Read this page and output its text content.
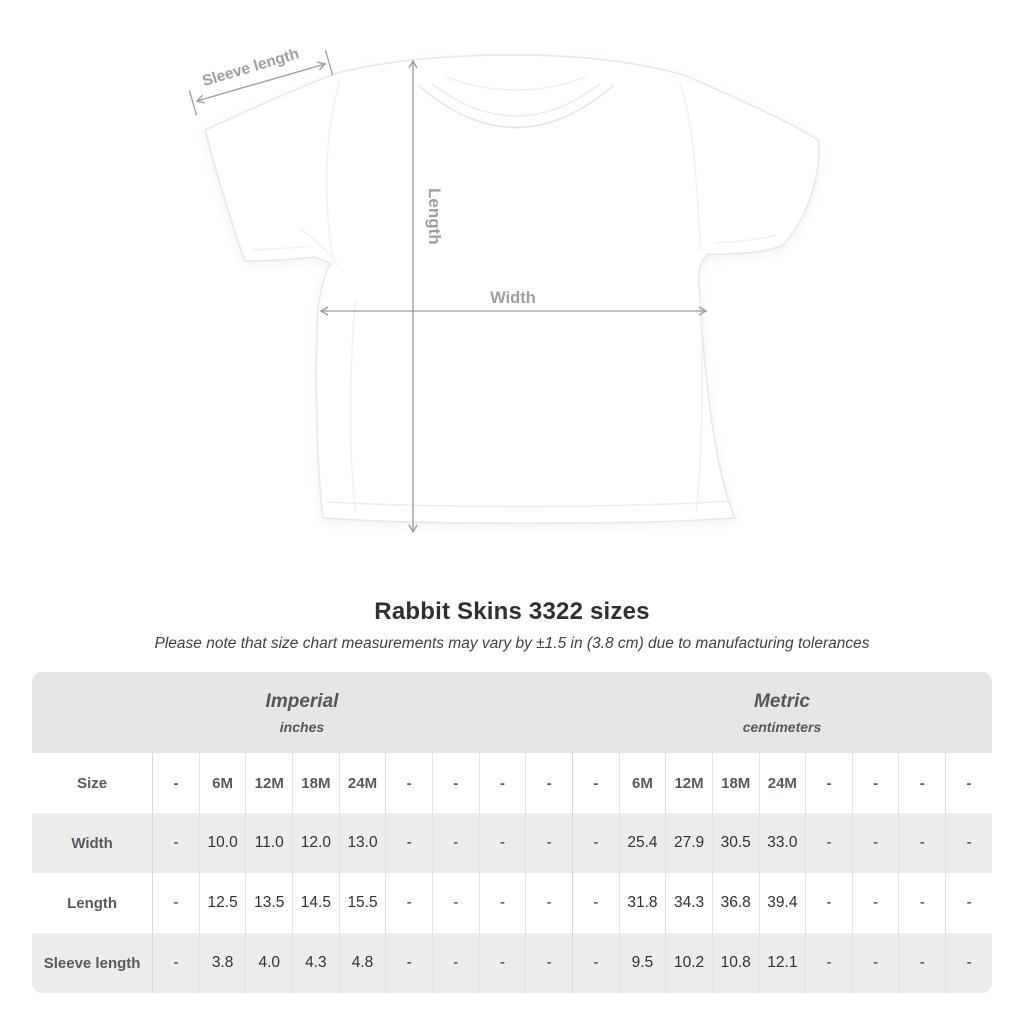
Sleeve length
Length
Width
Rabbit Skins 3322 sizes
Please note that size chart measurements may vary by ±1.5 in (3.8 cm) due to manufacturing tolerances
Imperial
inches

Metric
centimeters

Size	-	6M	12M	18M	24M	-	-	-	-	-	6M	12M	18M	24M	-	-	-	-
Width	-	10.0	11.0	12.0	13.0	-	-	-	-	-	25.4	27.9	30.5	33.0	-	-	-	-
Length	-	12.5	13.5	14.5	15.5	-	-	-	-	-	31.8	34.3	36.8	39.4	-	-	-	-
Sleeve length	-	3.8	4.0	4.3	4.8	-	-	-	-	-	9.5	10.2	10.8	12.1	-	-	-	-
